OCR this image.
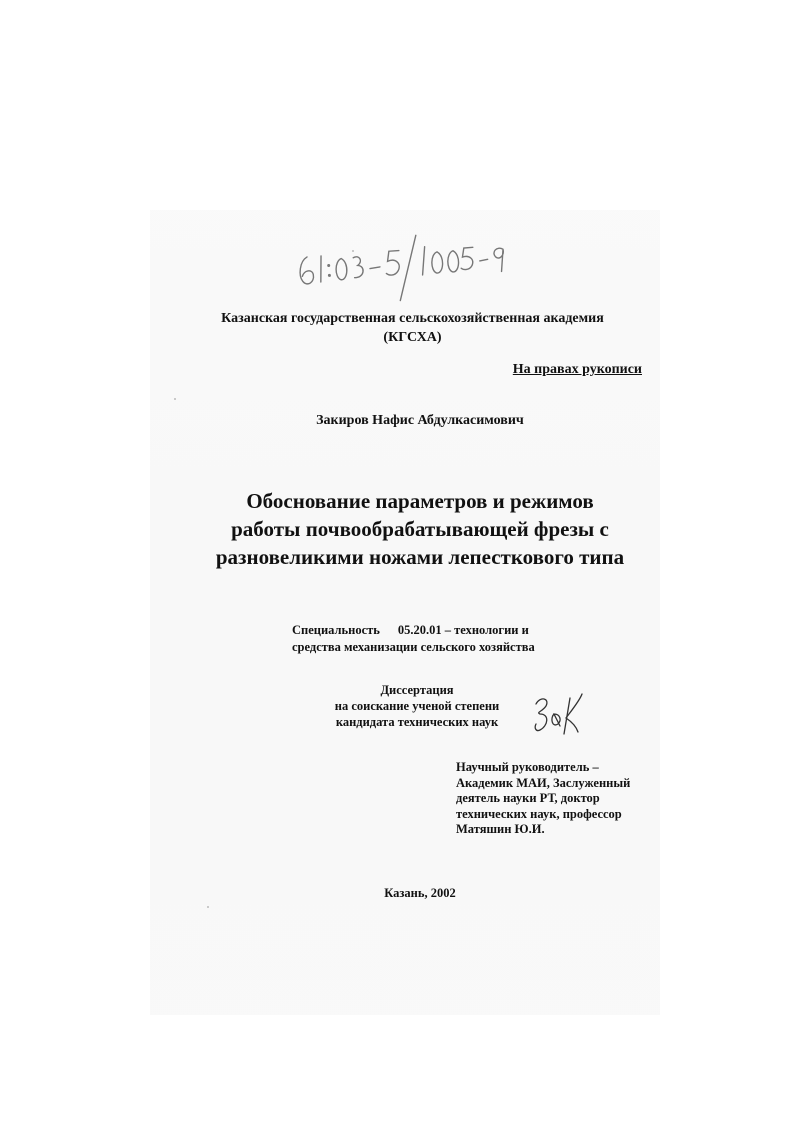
Казанская государственная сельскохозяйственная академия
(КГСХА)
На правах рукописи
Закиров Нафис Абдулкасимович
Обоснование параметров и режимов
работы почвообрабатывающей фрезы с
разновеликими ножами лепесткового типа
Специальность 05.20.01 – технологии и
средства механизации сельского хозяйства
Диссертация
на соискание ученой степени
кандидата технических наук
Научный руководитель –
Академик МАИ, Заслуженный
деятель науки РТ, доктор
технических наук, профессор
Матяшин Ю.И.
Казань, 2002
